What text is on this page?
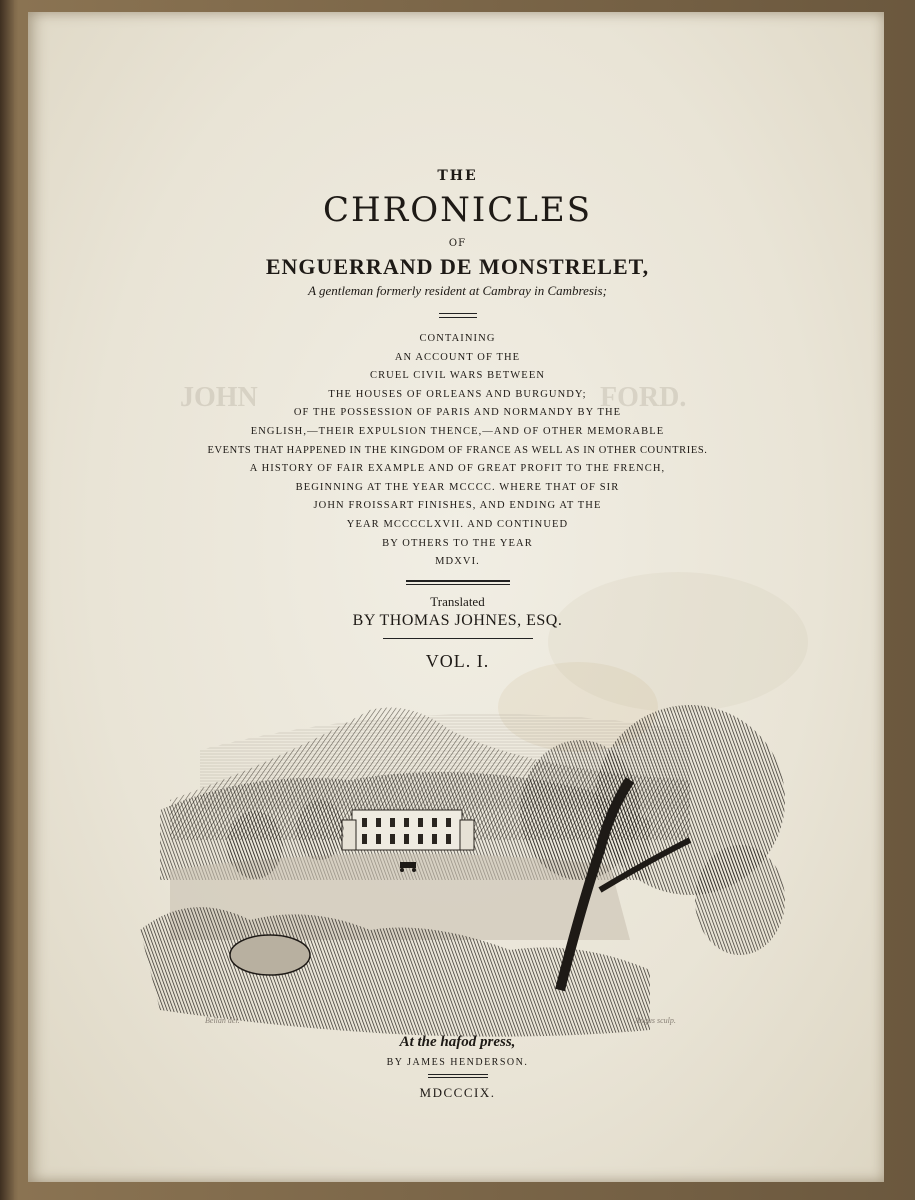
JOHN	FORD.
THE
CHRONICLES
OF
ENGUERRAND DE MONSTRELET,
A gentleman formerly resident at Cambray in Cambresis;
CONTAINING
AN ACCOUNT OF THE
CRUEL CIVIL WARS BETWEEN
THE HOUSES OF ORLEANS AND BURGUNDY;
OF THE POSSESSION OF PARIS AND NORMANDY BY THE
ENGLISH,—THEIR EXPULSION THENCE,—AND OF OTHER MEMORABLE
EVENTS THAT HAPPENED IN THE KINGDOM OF FRANCE AS WELL AS IN OTHER COUNTRIES.
A HISTORY OF FAIR EXAMPLE AND OF GREAT PROFIT TO THE FRENCH,
BEGINNING AT THE YEAR MCCCC. WHERE THAT OF SIR
JOHN FROISSART FINISHES, AND ENDING AT THE
YEAR MCCCCLXVII. AND CONTINUED
BY OTHERS TO THE YEAR
MDXVI.
Translated
BY THOMAS JOHNES, ESQ.
VOL. I.
Bellan del.	Angus sculp.
At the hafod press,
BY JAMES HENDERSON.
MDCCCIX.
